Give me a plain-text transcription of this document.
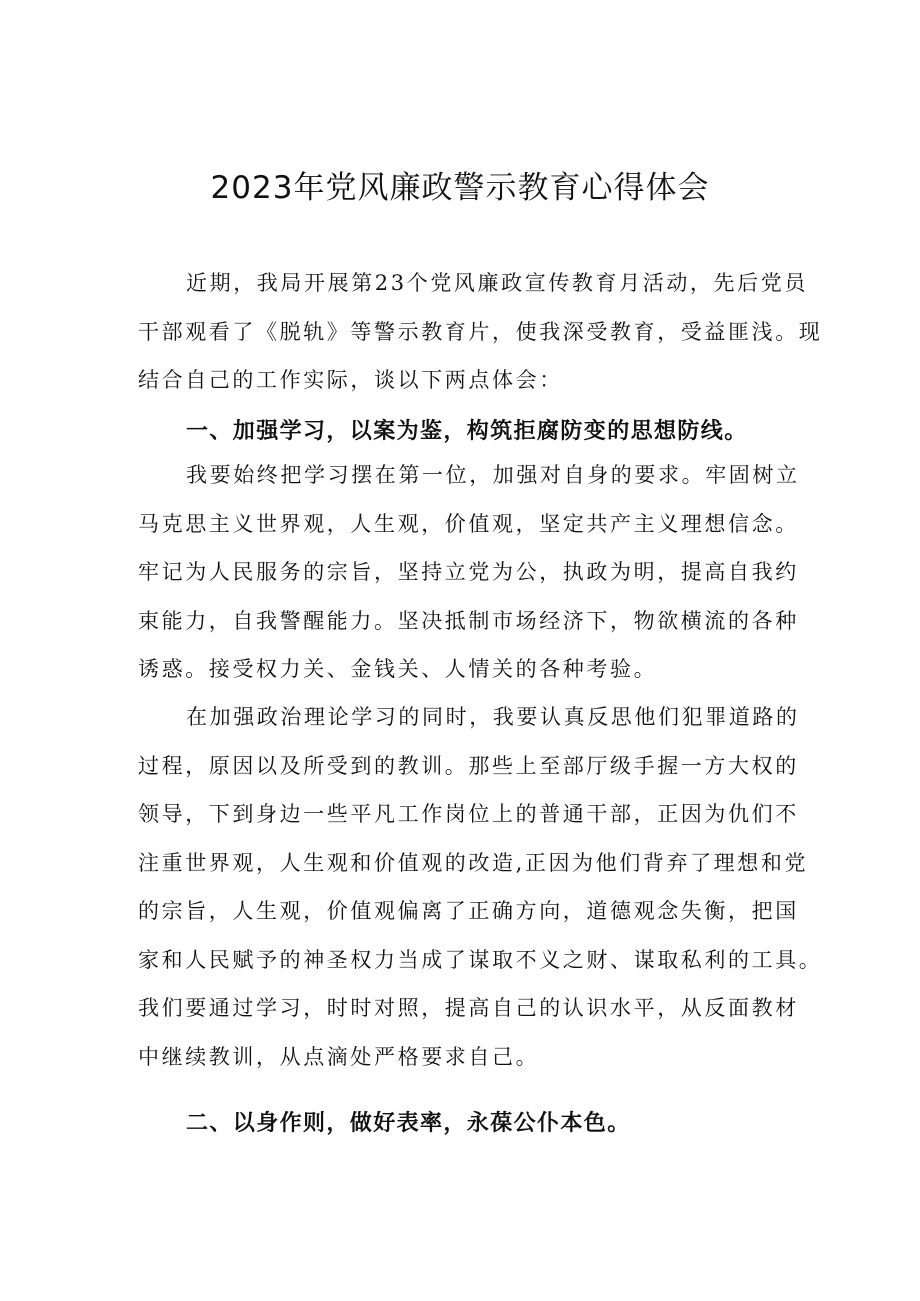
2023年党风廉政警示教育心得体会
近期，我局开展第23个党风廉政宣传教育月活动，先后党员
干部观看了《脱轨》等警示教育片，使我深受教育，受益匪浅。现
结合自己的工作实际，谈以下两点体会：
一、加强学习，以案为鉴，构筑拒腐防变的思想防线。
我要始终把学习摆在第一位，加强对自身的要求。牢固树立
马克思主义世界观，人生观，价值观，坚定共产主义理想信念。
牢记为人民服务的宗旨，坚持立党为公，执政为明，提高自我约
束能力，自我警醒能力。坚决抵制市场经济下，物欲横流的各种
诱惑。接受权力关、金钱关、人情关的各种考验。
在加强政治理论学习的同时，我要认真反思他们犯罪道路的
过程，原因以及所受到的教训。那些上至部厅级手握一方大权的
领导，下到身边一些平凡工作岗位上的普通干部，正因为仇们不
注重世界观，人生观和价值观的改造,正因为他们背弃了理想和党
的宗旨，人生观，价值观偏离了正确方向，道德观念失衡，把国
家和人民赋予的神圣权力当成了谋取不义之财、谋取私利的工具。
我们要通过学习，时时对照，提高自己的认识水平，从反面教材
中继续教训，从点滴处严格要求自己。
二、以身作则，做好表率，永葆公仆本色。
